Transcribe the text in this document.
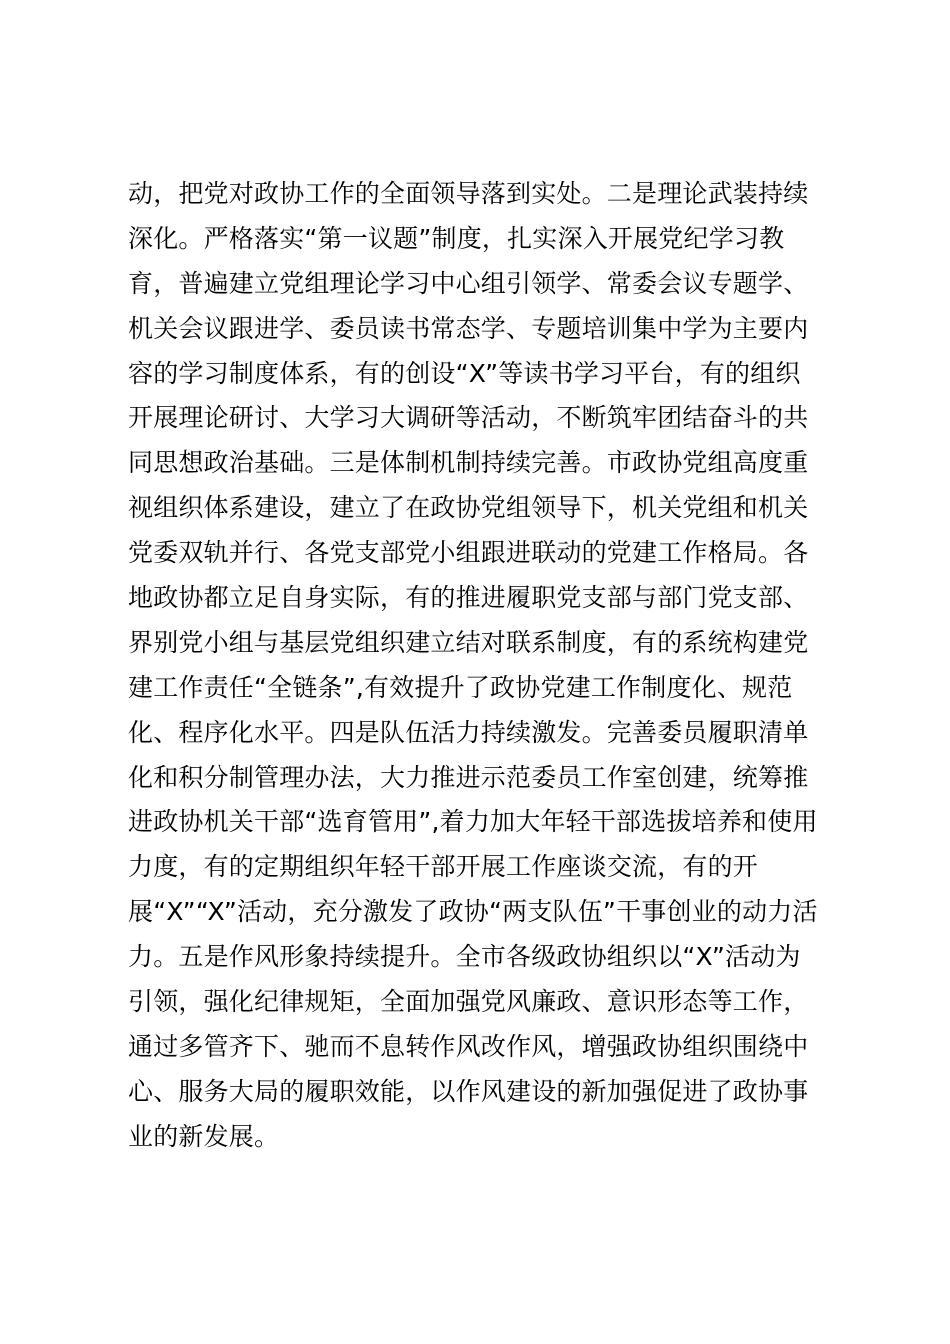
动，把党对政协工作的全面领导落到实处。二是理论武装持续
深化。严格落实“第一议题”制度，扎实深入开展党纪学习教
育，普遍建立党组理论学习中心组引领学、常委会议专题学、
机关会议跟进学、委员读书常态学、专题培训集中学为主要内
容的学习制度体系，有的创设“X”等读书学习平台，有的组织
开展理论研讨、大学习大调研等活动，不断筑牢团结奋斗的共
同思想政治基础。三是体制机制持续完善。市政协党组高度重
视组织体系建设，建立了在政协党组领导下，机关党组和机关
党委双轨并行、各党支部党小组跟进联动的党建工作格局。各
地政协都立足自身实际，有的推进履职党支部与部门党支部、
界别党小组与基层党组织建立结对联系制度，有的系统构建党
建工作责任“全链条”,有效提升了政协党建工作制度化、规范
化、程序化水平。四是队伍活力持续激发。完善委员履职清单
化和积分制管理办法，大力推进示范委员工作室创建，统筹推
进政协机关干部“选育管用”,着力加大年轻干部选拔培养和使用
力度，有的定期组织年轻干部开展工作座谈交流，有的开
展“X”“X”活动，充分激发了政协“两支队伍”干事创业的动力活
力。五是作风形象持续提升。全市各级政协组织以“X”活动为
引领，强化纪律规矩，全面加强党风廉政、意识形态等工作，
通过多管齐下、驰而不息转作风改作风，增强政协组织围绕中
心、服务大局的履职效能，以作风建设的新加强促进了政协事
业的新发展。
